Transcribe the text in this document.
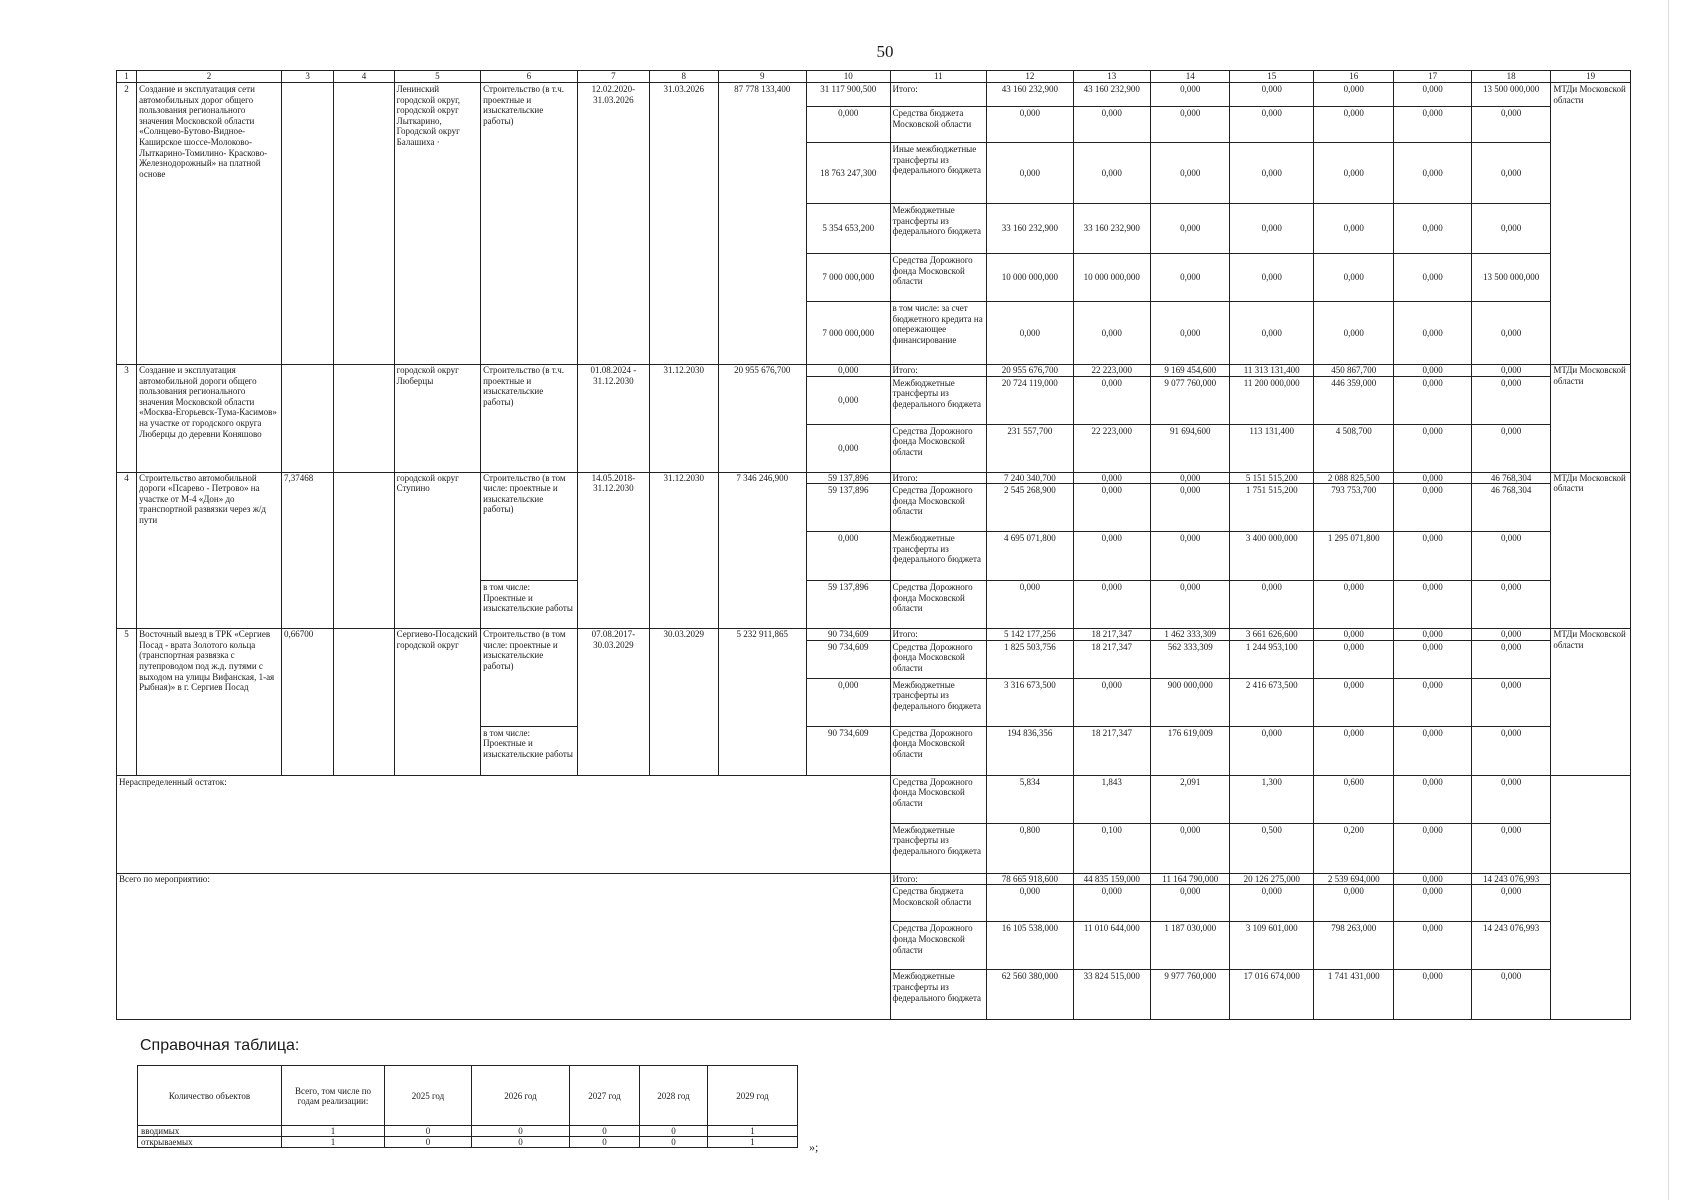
50
1	2	3	4	5	6	7	8	9	10	11	12	13	14	15	16	17	18	19
2	Создание и эксплуатация сети автомобильных дорог общего пользования регионального значения Московской области «Солнцево-Бутово-Видное-Каширское шоссе-Молоково-Лыткарино-Томилино- Красково-Железнодорожный» на платной основе			Ленинский городской округ, городской округ Лыткарино, Городской округ Балашиха ·	Строительство (в т.ч. проектные и изыскательские работы)	12.02.2020-31.03.2026	31.03.2026	87 778 133,400	31 117 900,500	Итого:	43 160 232,900	43 160 232,900	0,000	0,000	0,000	0,000	13 500 000,000	МТДи Московской области
									0,000	Средства бюджета Московской области	0,000	0,000	0,000	0,000	0,000	0,000	0,000	
									18 763 247,300	Иные межбюджетные трансферты из федерального бюджета	0,000	0,000	0,000	0,000	0,000	0,000	0,000	
									5 354 653,200	Межбюджетные трансферты из федерального бюджета	33 160 232,900	33 160 232,900	0,000	0,000	0,000	0,000	0,000	
									7 000 000,000	Средства Дорожного фонда Московской области	10 000 000,000	10 000 000,000	0,000	0,000	0,000	0,000	13 500 000,000	
									7 000 000,000	в том числе: за счет бюджетного кредита на опережающее финансирование	0,000	0,000	0,000	0,000	0,000	0,000	0,000	
3	Создание и эксплуатация автомобильной дороги общего пользования регионального значения Московской области «Москва-Егорьевск-Тума-Касимов» на участке от городского округа Люберцы до деревни Коняшово			городской округ Люберцы	Строительство (в т.ч. проектные и изыскательские работы)	01.08.2024 - 31.12.2030	31.12.2030	20 955 676,700	0,000	Итого:	20 955 676,700	22 223,000	9 169 454,600	11 313 131,400	450 867,700	0,000	0,000	МТДи Московской области
									0,000	Межбюджетные трансферты из федерального бюджета	20 724 119,000	0,000	9 077 760,000	11 200 000,000	446 359,000	0,000	0,000	
									0,000	Средства Дорожного фонда Московской области	231 557,700	22 223,000	91 694,600	113 131,400	4 508,700	0,000	0,000	
4	Строительство автомобильной дороги «Псарево - Петрово» на участке от М-4 «Дон» до транспортной развязки через ж/д пути	7,37468		городской округ Ступино	Строительство (в том числе: проектные и изыскательские работы)	14.05.2018-31.12.2030	31.12.2030	7 346 246,900	59 137,896	Итого:	7 240 340,700	0,000	0,000	5 151 515,200	2 088 825,500	0,000	46 768,304	МТДи Московской области
									59 137,896	Средства Дорожного фонда Московской области	2 545 268,900	0,000	0,000	1 751 515,200	793 753,700	0,000	46 768,304	
									0,000	Межбюджетные трансферты из федерального бюджета	4 695 071,800	0,000	0,000	3 400 000,000	1 295 071,800	0,000	0,000	
					в том числе: Проектные и изыскательские работы				59 137,896	Средства Дорожного фонда Московской области	0,000	0,000	0,000	0,000	0,000	0,000	0,000	
5	Восточный выезд в ТРК «Сергиев Посад - врата Золотого кольца (транспортная развязка с путепроводом под ж.д. путями с выходом на улицы Вифанская, 1-ая Рыбная)» в г. Сергиев Посад	0,66700		Сергиево-Посадский городской округ	Строительство (в том числе: проектные и изыскательские работы)	07.08.2017-30.03.2029	30.03.2029	5 232 911,865	90 734,609	Итого:	5 142 177,256	18 217,347	1 462 333,309	3 661 626,600	0,000	0,000	0,000	МТДи Московской области
									90 734,609	Средства Дорожного фонда Московской области	1 825 503,756	18 217,347	562 333,309	1 244 953,100	0,000	0,000	0,000	
									0,000	Межбюджетные трансферты из федерального бюджета	3 316 673,500	0,000	900 000,000	2 416 673,500	0,000	0,000	0,000	
					в том числе: Проектные и изыскательские работы				90 734,609	Средства Дорожного фонда Московской области	194 836,356	18 217,347	176 619,009	0,000	0,000	0,000	0,000	
Нераспределенный остаток:										Средства Дорожного фонда Московской области	5,834	1,843	2,091	1,300	0,600	0,000	0,000	
										Межбюджетные трансферты из федерального бюджета	0,800	0,100	0,000	0,500	0,200	0,000	0,000	
Всего по мероприятию:										Итого:	78 665 918,600	44 835 159,000	11 164 790,000	20 126 275,000	2 539 694,000	0,000	14 243 076,993	
										Средства бюджета Московской области	0,000	0,000	0,000	0,000	0,000	0,000	0,000	
										Средства Дорожного фонда Московской области	16 105 538,000	11 010 644,000	1 187 030,000	3 109 601,000	798 263,000	0,000	14 243 076,993	
										Межбюджетные трансферты из федерального бюджета	62 560 380,000	33 824 515,000	9 977 760,000	17 016 674,000	1 741 431,000	0,000	0,000	
Справочная таблица:
Количество объектов	Всего, том числе по годам реализации:	2025 год	2026 год	2027 год	2028 год	2029 год
вводимых	1	0	0	0	0	1
открываемых	1	0	0	0	0	1	»;
